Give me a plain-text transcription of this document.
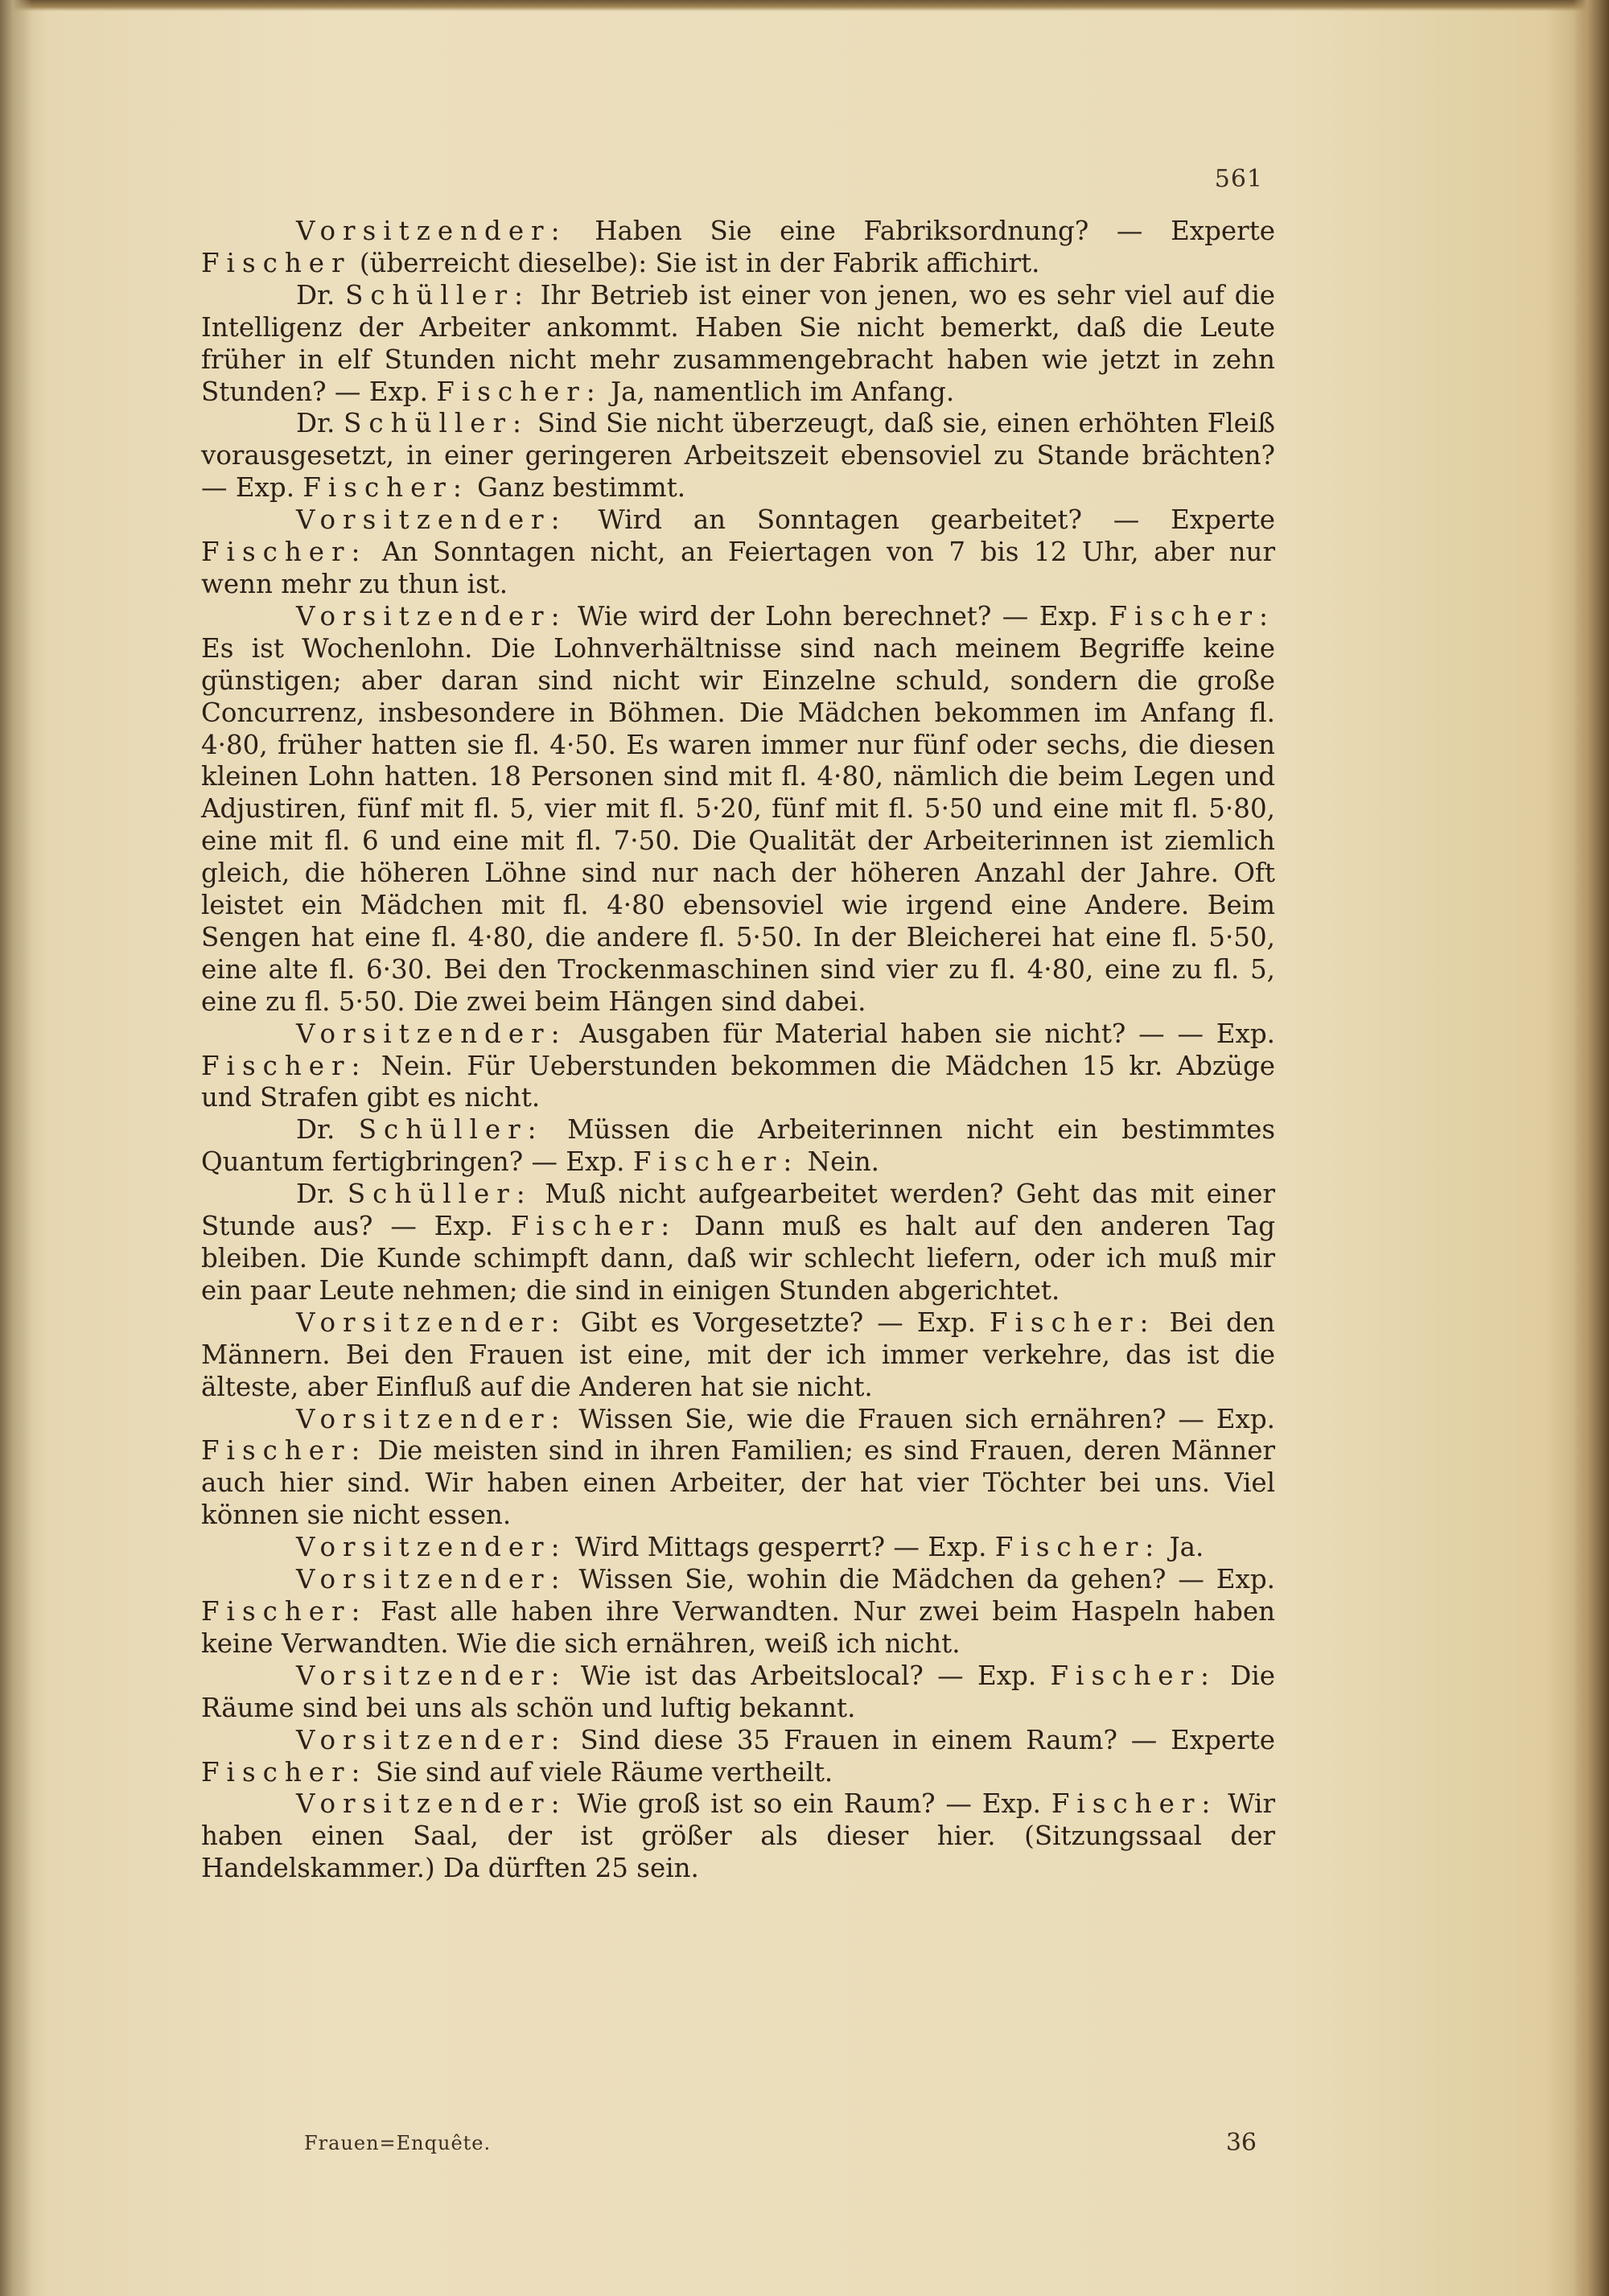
561

Vorsitzender: Haben Sie eine Fabriksordnung? — Experte Fischer (überreicht dieselbe): Sie ist in der Fabrik affichirt.

Dr. Schüller: Ihr Betrieb ist einer von jenen, wo es sehr viel auf die Intelligenz der Arbeiter ankommt. Haben Sie nicht bemerkt, daß die Leute früher in elf Stunden nicht mehr zusammengebracht haben wie jetzt in zehn Stunden? — Exp. Fischer: Ja, namentlich im Anfang.

Dr. Schüller: Sind Sie nicht überzeugt, daß sie, einen erhöhten Fleiß vorausgesetzt, in einer geringeren Arbeitszeit ebensoviel zu Stande brächten? — Exp. Fischer: Ganz bestimmt.

Vorsitzender: Wird an Sonntagen gearbeitet? — Experte Fischer: An Sonntagen nicht, an Feiertagen von 7 bis 12 Uhr, aber nur wenn mehr zu thun ist.

Vorsitzender: Wie wird der Lohn berechnet? — Exp. Fischer: Es ist Wochenlohn. Die Lohnverhältnisse sind nach meinem Begriffe keine günstigen; aber daran sind nicht wir Einzelne schuld, sondern die große Concurrenz, insbesondere in Böhmen. Die Mädchen bekommen im Anfang fl. 4·80, früher hatten sie fl. 4·50. Es waren immer nur fünf oder sechs, die diesen kleinen Lohn hatten. 18 Personen sind mit fl. 4·80, nämlich die beim Legen und Adjustiren, fünf mit fl. 5, vier mit fl. 5·20, fünf mit fl. 5·50 und eine mit fl. 5·80, eine mit fl. 6 und eine mit fl. 7·50. Die Qualität der Arbeiterinnen ist ziemlich gleich, die höheren Löhne sind nur nach der höheren Anzahl der Jahre. Oft leistet ein Mädchen mit fl. 4·80 ebensoviel wie irgend eine Andere. Beim Sengen hat eine fl. 4·80, die andere fl. 5·50. In der Bleicherei hat eine fl. 5·50, eine alte fl. 6·30. Bei den Trockenmaschinen sind vier zu fl. 4·80, eine zu fl. 5, eine zu fl. 5·50. Die zwei beim Hängen sind dabei.

Vorsitzender: Ausgaben für Material haben sie nicht? — — Exp. Fischer: Nein. Für Ueberstunden bekommen die Mädchen 15 kr. Abzüge und Strafen gibt es nicht.

Dr. Schüller: Müssen die Arbeiterinnen nicht ein bestimmtes Quantum fertigbringen? — Exp. Fischer: Nein.

Dr. Schüller: Muß nicht aufgearbeitet werden? Geht das mit einer Stunde aus? — Exp. Fischer: Dann muß es halt auf den anderen Tag bleiben. Die Kunde schimpft dann, daß wir schlecht liefern, oder ich muß mir ein paar Leute nehmen; die sind in einigen Stunden abgerichtet.

Vorsitzender: Gibt es Vorgesetzte? — Exp. Fischer: Bei den Männern. Bei den Frauen ist eine, mit der ich immer verkehre, das ist die älteste, aber Einfluß auf die Anderen hat sie nicht.

Vorsitzender: Wissen Sie, wie die Frauen sich ernähren? — Exp. Fischer: Die meisten sind in ihren Familien; es sind Frauen, deren Männer auch hier sind. Wir haben einen Arbeiter, der hat vier Töchter bei uns. Viel können sie nicht essen.

Vorsitzender: Wird Mittags gesperrt? — Exp. Fischer: Ja.

Vorsitzender: Wissen Sie, wohin die Mädchen da gehen? — Exp. Fischer: Fast alle haben ihre Verwandten. Nur zwei beim Haspeln haben keine Verwandten. Wie die sich ernähren, weiß ich nicht.

Vorsitzender: Wie ist das Arbeitslocal? — Exp. Fischer: Die Räume sind bei uns als schön und luftig bekannt.

Vorsitzender: Sind diese 35 Frauen in einem Raum? — Experte Fischer: Sie sind auf viele Räume vertheilt.

Vorsitzender: Wie groß ist so ein Raum? — Exp. Fischer: Wir haben einen Saal, der ist größer als dieser hier. (Sitzungssaal der Handelskammer.) Da dürften 25 sein.

Frauen=Enquête.	36
